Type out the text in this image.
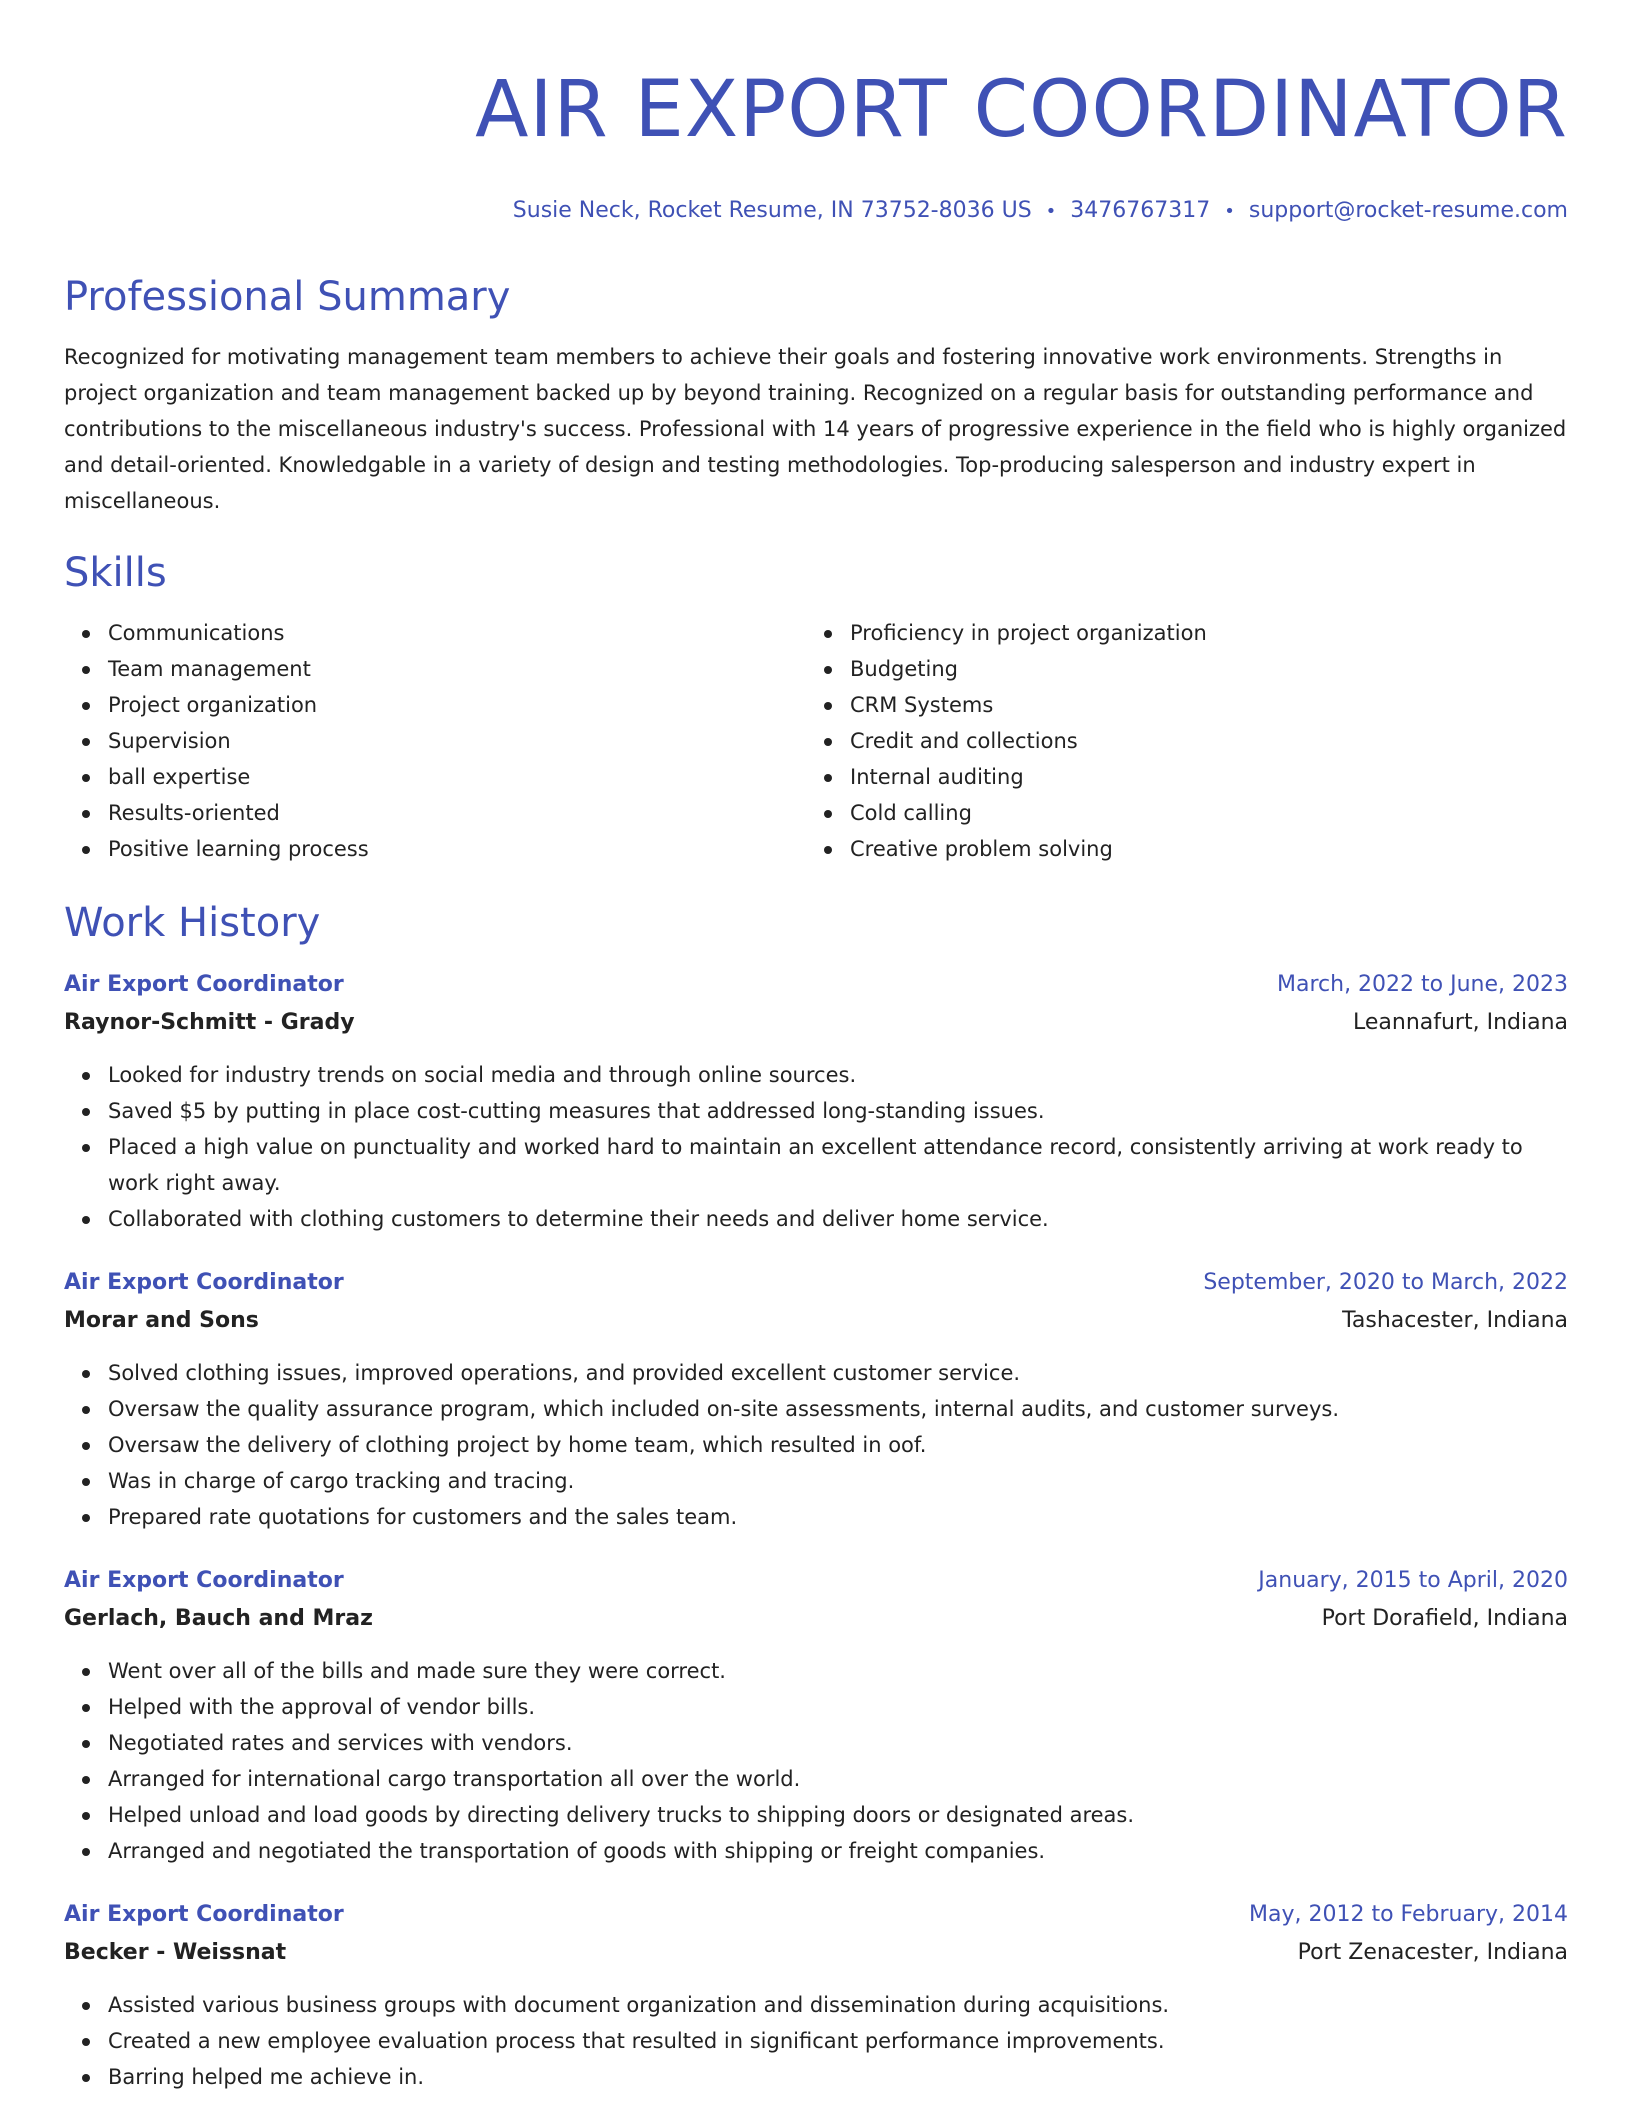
AIR EXPORT COORDINATOR
Susie Neck, Rocket Resume, IN 73752-8036 US • 3476767317 • support@rocket-resume.com
Professional Summary

Recognized for motivating management team members to achieve their goals and fostering innovative work environments. Strengths in project organization and team management backed up by beyond training. Recognized on a regular basis for outstanding performance and contributions to the miscellaneous industry's success. Professional with 14 years of progressive experience in the field who is highly organized and detail-oriented. Knowledgable in a variety of design and testing methodologies. Top-producing salesperson and industry expert in miscellaneous.

Skills
Communications
Team management
Project organization
Supervision
ball expertise
Results-oriented
Positive learning process
Proficiency in project organization
Budgeting
CRM Systems
Credit and collections
Internal auditing
Cold calling
Creative problem solving
Work History
Air Export Coordinator	March, 2022 to June, 2023
Raynor-Schmitt - Grady	Leannafurt, Indiana
Looked for industry trends on social media and through online sources.
Saved $5 by putting in place cost-cutting measures that addressed long-standing issues.
Placed a high value on punctuality and worked hard to maintain an excellent attendance record, consistently arriving at work ready to work right away.
Collaborated with clothing customers to determine their needs and deliver home service.
Air Export Coordinator	September, 2020 to March, 2022
Morar and Sons	Tashacester, Indiana
Solved clothing issues, improved operations, and provided excellent customer service.
Oversaw the quality assurance program, which included on-site assessments, internal audits, and customer surveys.
Oversaw the delivery of clothing project by home team, which resulted in oof.
Was in charge of cargo tracking and tracing.
Prepared rate quotations for customers and the sales team.
Air Export Coordinator	January, 2015 to April, 2020
Gerlach, Bauch and Mraz	Port Dorafield, Indiana
Went over all of the bills and made sure they were correct.
Helped with the approval of vendor bills.
Negotiated rates and services with vendors.
Arranged for international cargo transportation all over the world.
Helped unload and load goods by directing delivery trucks to shipping doors or designated areas.
Arranged and negotiated the transportation of goods with shipping or freight companies.
Air Export Coordinator	May, 2012 to February, 2014
Becker - Weissnat	Port Zenacester, Indiana
Assisted various business groups with document organization and dissemination during acquisitions.
Created a new employee evaluation process that resulted in significant performance improvements.
Barring helped me achieve in.
